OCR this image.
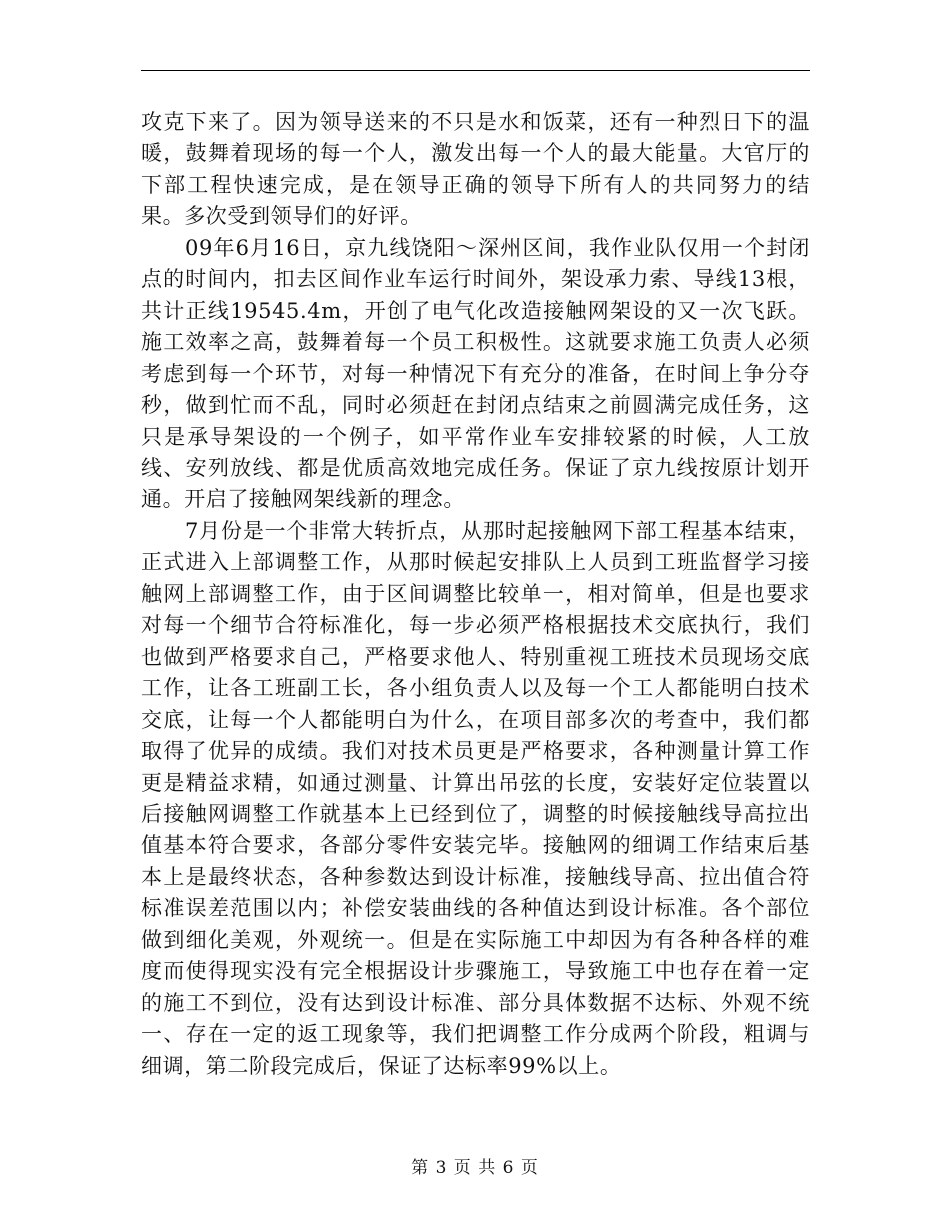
攻克下来了。因为领导送来的不只是水和饭菜，还有一种烈日下的温暖，鼓舞着现场的每一个人，激发出每一个人的最大能量。大官厅的下部工程快速完成，是在领导正确的领导下所有人的共同努力的结果。多次受到领导们的好评。

09年6月16日，京九线饶阳～深州区间，我作业队仅用一个封闭点的时间内，扣去区间作业车运行时间外，架设承力索、导线13根，共计正线19545.4m，开创了电气化改造接触网架设的又一次飞跃。施工效率之高，鼓舞着每一个员工积极性。这就要求施工负责人必须考虑到每一个环节，对每一种情况下有充分的准备，在时间上争分夺秒，做到忙而不乱，同时必须赶在封闭点结束之前圆满完成任务，这只是承导架设的一个例子，如平常作业车安排较紧的时候，人工放线、安列放线、都是优质高效地完成任务。保证了京九线按原计划开通。开启了接触网架线新的理念。

7月份是一个非常大转折点，从那时起接触网下部工程基本结束，正式进入上部调整工作，从那时候起安排队上人员到工班监督学习接触网上部调整工作，由于区间调整比较单一，相对简单，但是也要求对每一个细节合符标准化，每一步必须严格根据技术交底执行，我们也做到严格要求自己，严格要求他人、特别重视工班技术员现场交底工作，让各工班副工长，各小组负责人以及每一个工人都能明白技术交底，让每一个人都能明白为什么，在项目部多次的考查中，我们都取得了优异的成绩。我们对技术员更是严格要求，各种测量计算工作更是精益求精，如通过测量、计算出吊弦的长度，安装好定位装置以后接触网调整工作就基本上已经到位了，调整的时候接触线导高拉出值基本符合要求，各部分零件安装完毕。接触网的细调工作结束后基本上是最终状态，各种参数达到设计标准，接触线导高、拉出值合符标准误差范围以内；补偿安装曲线的各种值达到设计标准。各个部位做到细化美观，外观统一。但是在实际施工中却因为有各种各样的难度而使得现实没有完全根据设计步骤施工，导致施工中也存在着一定的施工不到位，没有达到设计标准、部分具体数据不达标、外观不统一、存在一定的返工现象等，我们把调整工作分成两个阶段，粗调与细调，第二阶段完成后，保证了达标率99%以上。

第 3 页 共 6 页
